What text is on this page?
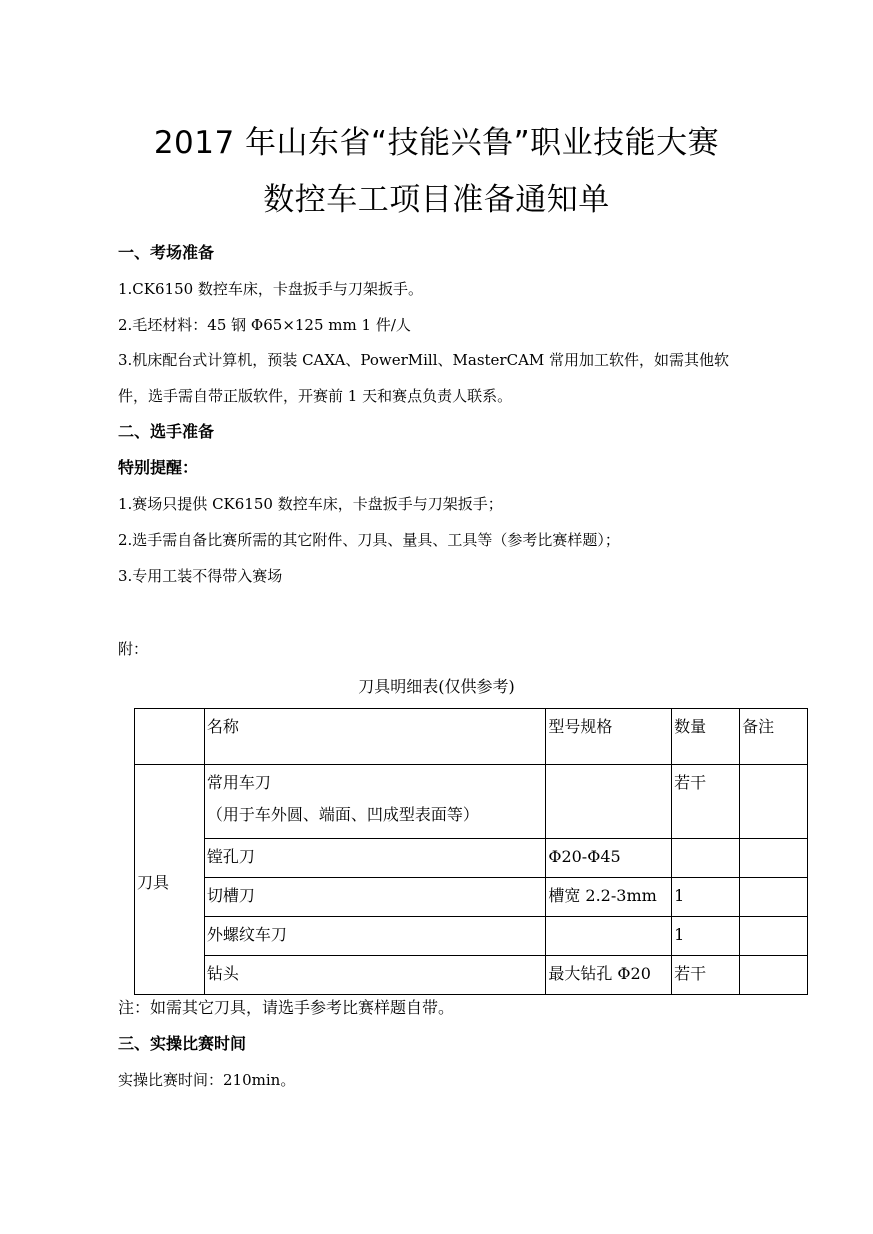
2017 年山东省“技能兴鲁”职业技能大赛
数控车工项目准备通知单
一、考场准备
1.CK6150 数控车床，卡盘扳手与刀架扳手。
2.毛坯材料：45 钢 Φ65×125 mm 1 件/人
3.机床配台式计算机，预装 CAXA、PowerMill、MasterCAM 常用加工软件，如需其他软
件，选手需自带正版软件，开赛前 1 天和赛点负责人联系。
二、选手准备
特别提醒：
1.赛场只提供 CK6150 数控车床，卡盘扳手与刀架扳手；
2.选手需自备比赛所需的其它附件、刀具、量具、工具等（参考比赛样题）；
3.专用工装不得带入赛场
附：
刀具明细表(仅供参考)
	名称	型号规格	数量	备注
刀具	常用车刀
（用于车外圆、端面、凹成型表面等）		若干	
	镗孔刀	Φ20-Φ45		
	切槽刀	槽宽 2.2-3mm	1	
	外螺纹车刀		1	
	钻头	最大钻孔 Φ20	若干	
注：如需其它刀具，请选手参考比赛样题自带。
三、实操比赛时间
实操比赛时间：210min。
